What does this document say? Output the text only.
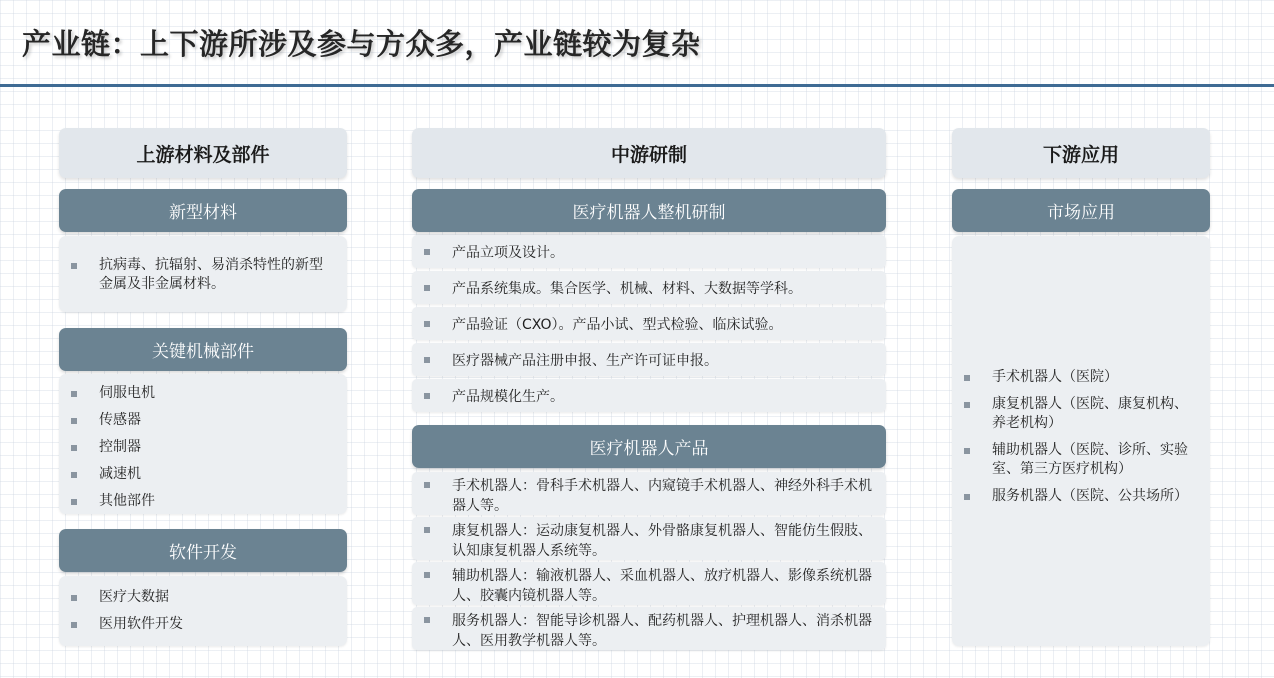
产业链：上下游所涉及参与方众多，产业链较为复杂
上游材料及部件
新型材料
抗病毒、抗辐射、易消杀特性的新型金属及非金属材料。
关键机械部件
伺服电机
传感器
控制器
减速机
其他部件
软件开发
医疗大数据
医用软件开发
中游研制
医疗机器人整机研制
产品立项及设计。
产品系统集成。集合医学、机械、材料、大数据等学科。
产品验证（CXO）。产品小试、型式检验、临床试验。
医疗器械产品注册申报、生产许可证申报。
产品规模化生产。
医疗机器人产品
手术机器人：骨科手术机器人、内窥镜手术机器人、神经外科手术机器人等。
康复机器人：运动康复机器人、外骨骼康复机器人、智能仿生假肢、认知康复机器人系统等。
辅助机器人：输液机器人、采血机器人、放疗机器人、影像系统机器人、胶囊内镜机器人等。
服务机器人：智能导诊机器人、配药机器人、护理机器人、消杀机器人、医用教学机器人等。
下游应用
市场应用
手术机器人（医院）
康复机器人（医院、康复机构、养老机构）
辅助机器人（医院、诊所、实验室、第三方医疗机构）
服务机器人（医院、公共场所）
